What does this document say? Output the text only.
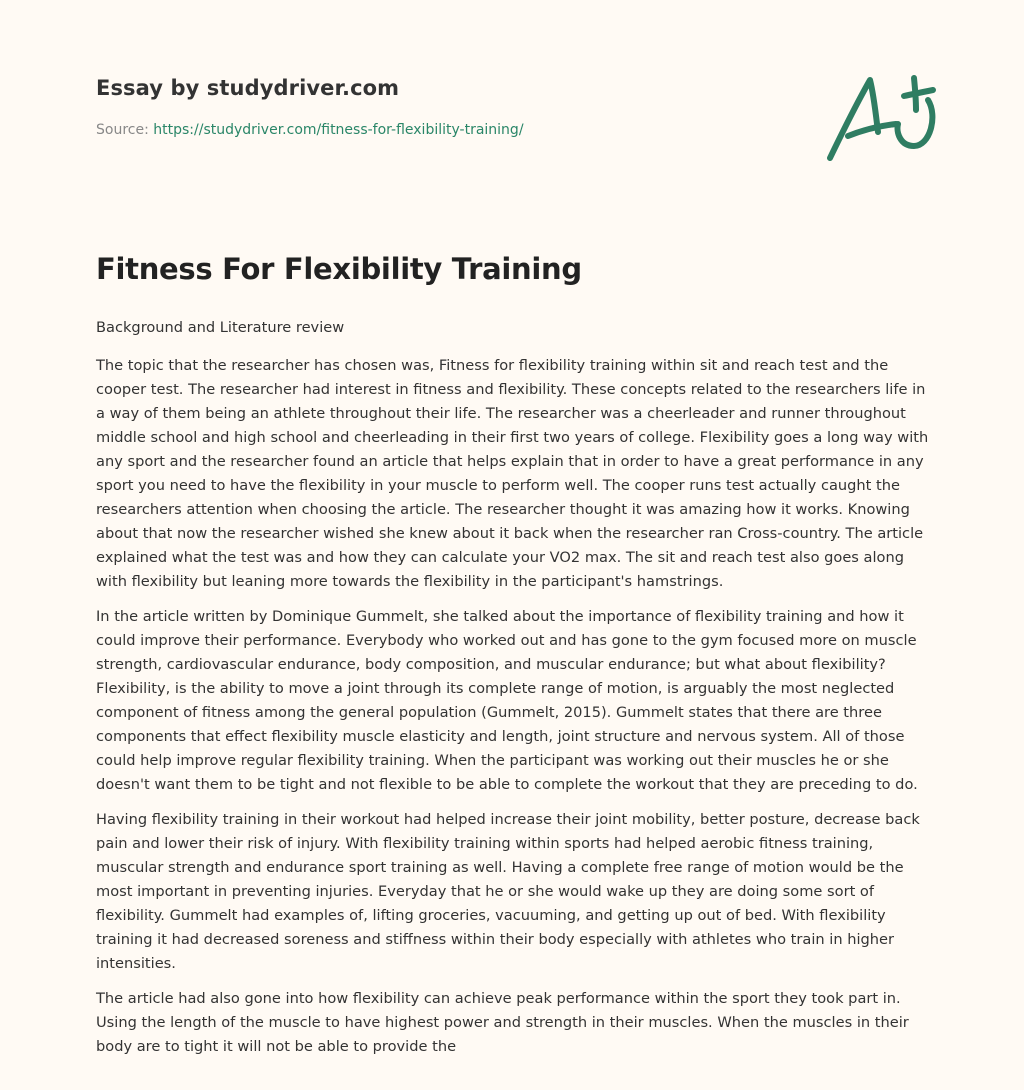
Essay by studydriver.com

Source: https://studydriver.com/fitness-for-flexibility-training/
Fitness For Flexibility Training

Background and Literature review

The topic that the researcher has chosen was, Fitness for flexibility training within sit and reach test and the cooper test. The researcher had interest in fitness and flexibility. These concepts related to the researchers life in a way of them being an athlete throughout their life. The researcher was a cheerleader and runner throughout middle school and high school and cheerleading in their first two years of college. Flexibility goes a long way with any sport and the researcher found an article that helps explain that in order to have a great performance in any sport you need to have the flexibility in your muscle to perform well. The cooper runs test actually caught the researchers attention when choosing the article. The researcher thought it was amazing how it works. Knowing about that now the researcher wished she knew about it back when the researcher ran Cross-country. The article explained what the test was and how they can calculate your VO2 max. The sit and reach test also goes along with flexibility but leaning more towards the flexibility in the participant's hamstrings.

In the article written by Dominique Gummelt, she talked about the importance of flexibility training and how it could improve their performance. Everybody who worked out and has gone to the gym focused more on muscle strength, cardiovascular endurance, body composition, and muscular endurance; but what about flexibility? Flexibility, is the ability to move a joint through its complete range of motion, is arguably the most neglected component of fitness among the general population (Gummelt, 2015). Gummelt states that there are three components that effect flexibility muscle elasticity and length, joint structure and nervous system. All of those could help improve regular flexibility training. When the participant was working out their muscles he or she doesn't want them to be tight and not flexible to be able to complete the workout that they are preceding to do.

Having flexibility training in their workout had helped increase their joint mobility, better posture, decrease back pain and lower their risk of injury. With flexibility training within sports had helped aerobic fitness training, muscular strength and endurance sport training as well. Having a complete free range of motion would be the most important in preventing injuries. Everyday that he or she would wake up they are doing some sort of flexibility. Gummelt had examples of, lifting groceries, vacuuming, and getting up out of bed. With flexibility training it had decreased soreness and stiffness within their body especially with athletes who train in higher intensities.

The article had also gone into how flexibility can achieve peak performance within the sport they took part in. Using the length of the muscle to have highest power and strength in their muscles. When the muscles in their body are to tight it will not be able to provide the
